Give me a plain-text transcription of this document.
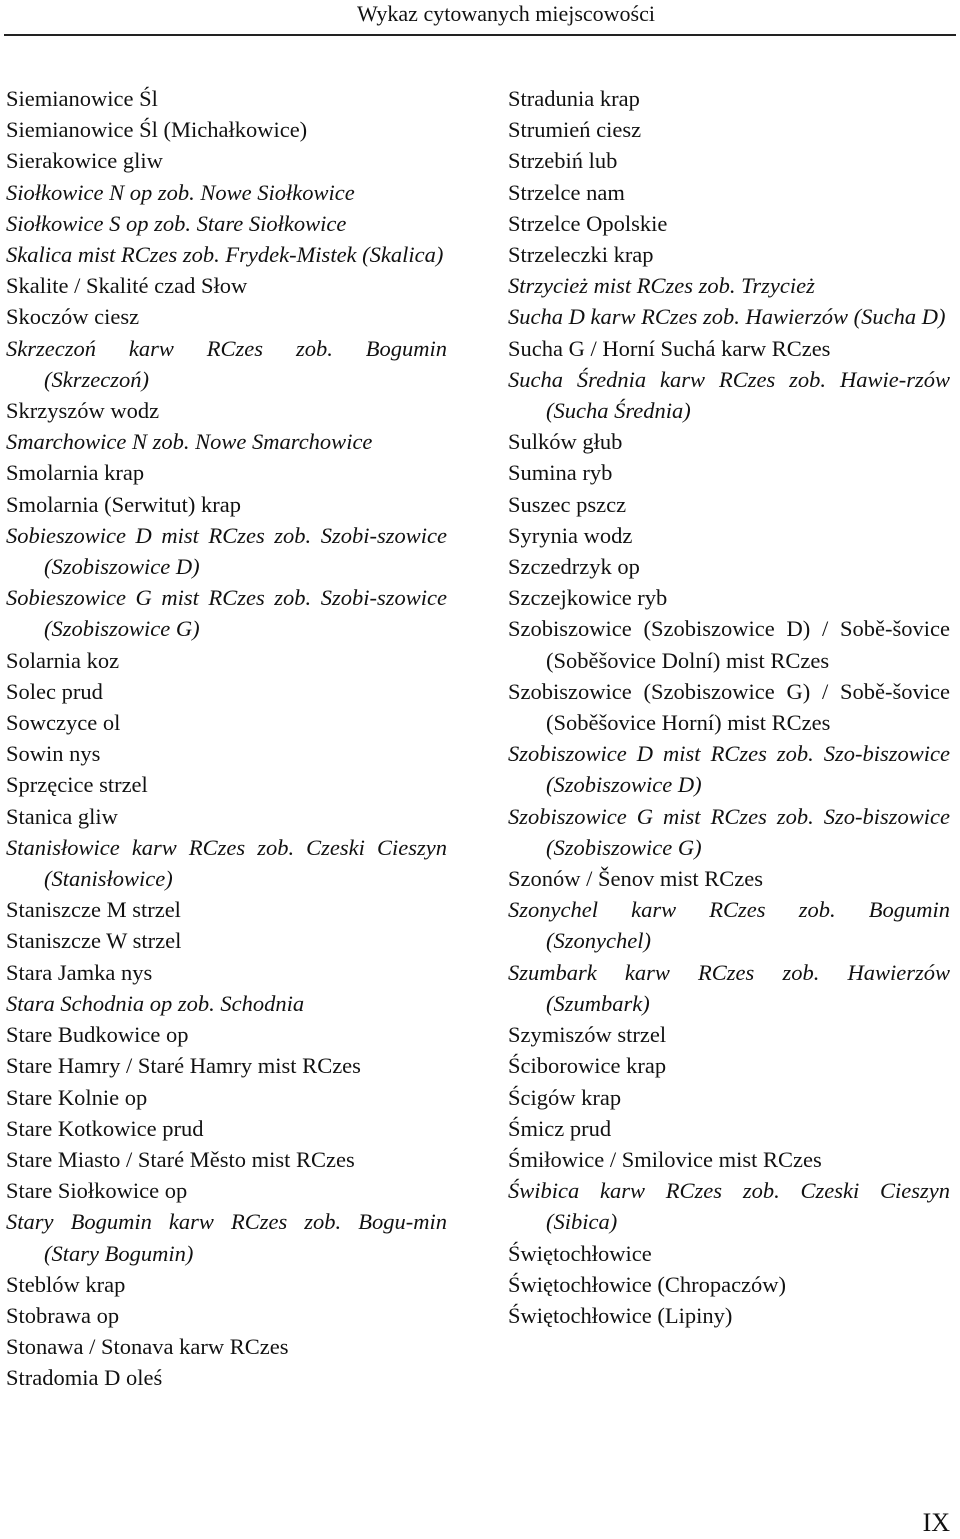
Wykaz cytowanych miejscowości
Siemianowice Śl
Siemianowice Śl (Michałkowice)
Sierakowice gliw
Siołkowice N op zob. Nowe Siołkowice
Siołkowice S op zob. Stare Siołkowice
Skalica mist RCzes zob. Frydek-Mistek (Skalica)
Skalite / Skalité czad Słow
Skoczów ciesz
Skrzeczoń karw RCzes zob. Bogumin (Skrzeczoń)
Skrzyszów wodz
Smarchowice N zob. Nowe Smarchowice
Smolarnia krap
Smolarnia (Serwitut) krap
Sobieszowice D mist RCzes zob. Szobi-szowice (Szobiszowice D)
Sobieszowice G mist RCzes zob. Szobi-szowice (Szobiszowice G)
Solarnia koz
Solec prud
Sowczyce ol
Sowin nys
Sprzęcice strzel
Stanica gliw
Stanisłowice karw RCzes zob. Czeski Cieszyn (Stanisłowice)
Staniszcze M strzel
Staniszcze W strzel
Stara Jamka nys
Stara Schodnia op zob. Schodnia
Stare Budkowice op
Stare Hamry / Staré Hamry mist RCzes
Stare Kolnie op
Stare Kotkowice prud
Stare Miasto / Staré Město mist RCzes
Stare Siołkowice op
Stary Bogumin karw RCzes zob. Bogu-min (Stary Bogumin)
Steblów krap
Stobrawa op
Stonawa / Stonava karw RCzes
Stradomia D oleś
Stradunia krap
Strumień ciesz
Strzebiń lub
Strzelce nam
Strzelce Opolskie
Strzeleczki krap
Strzycież mist RCzes zob. Trzycież
Sucha D karw RCzes zob. Hawierzów (Sucha D)
Sucha G / Horní Suchá karw RCzes
Sucha Średnia karw RCzes zob. Hawie-rzów (Sucha Średnia)
Sulków głub
Sumina ryb
Suszec pszcz
Syrynia wodz
Szczedrzyk op
Szczejkowice ryb
Szobiszowice (Szobiszowice D) / Sobě-šovice (Soběšovice Dolní) mist RCzes
Szobiszowice (Szobiszowice G) / Sobě-šovice (Soběšovice Horní) mist RCzes
Szobiszowice D mist RCzes zob. Szo-biszowice (Szobiszowice D)
Szobiszowice G mist RCzes zob. Szo-biszowice (Szobiszowice G)
Szonów / Šenov mist RCzes
Szonychel karw RCzes zob. Bogumin (Szonychel)
Szumbark karw RCzes zob. Hawierzów (Szumbark)
Szymiszów strzel
Ściborowice krap
Ścigów krap
Śmicz prud
Śmiłowice / Smilovice mist RCzes
Świbica karw RCzes zob. Czeski Cieszyn (Sibica)
Świętochłowice
Świętochłowice (Chropaczów)
Świętochłowice (Lipiny)
IX
